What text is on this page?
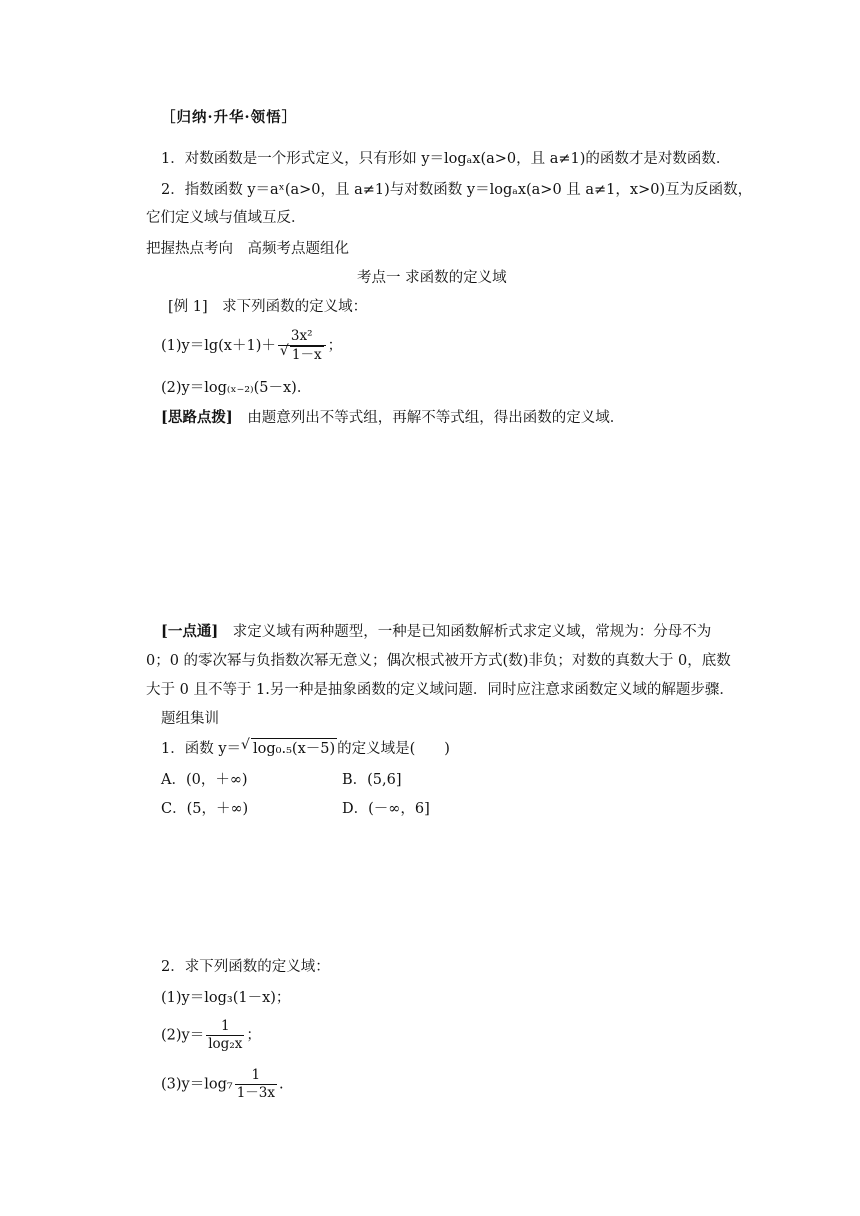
［归纳·升华·领悟］
1．对数函数是一个形式定义，只有形如 y＝logₐx(a>0，且 a≠1)的函数才是对数函数．
2．指数函数 y＝aˣ(a>0，且 a≠1)与对数函数 y＝logₐx(a>0 且 a≠1，x>0)互为反函数，
它们定义域与值域互反．
把握热点考向　高频考点题组化
考点一 求函数的定义域
[例 1]　求下列函数的定义域：
$(1)y=\lg(x+1)+ \frac{\text{3x²}}{√ 1-x}$ ；
(2)y＝log₍ₓ₋₂₎(5－x)．
[思路点拨]　由题意列出不等式组，再解不等式组，得出函数的定义域．
[一点通]　求定义域有两种题型，一种是已知函数解析式求定义域，常规为：分母不为
0；0 的零次幂与负指数次幂无意义；偶次根式被开方式(数)非负；对数的真数大于 0，底数
大于 0 且不等于 1.另一种是抽象函数的定义域问题．同时应注意求函数定义域的解题步骤．
题组集训
1．函数 y＝ √ log₀.₅(x－5) 的定义域是(　　)
A．(0，＋∞)	B．(5,6]
C．(5，＋∞)	D．(－∞，6]
2．求下列函数的定义域：
(1)y＝log₃(1－x)；
$(2)y= \frac{1}{\text{log₂x}}$ ；
$(3)y=\log_7 \frac{1}{1-3x}$ .
